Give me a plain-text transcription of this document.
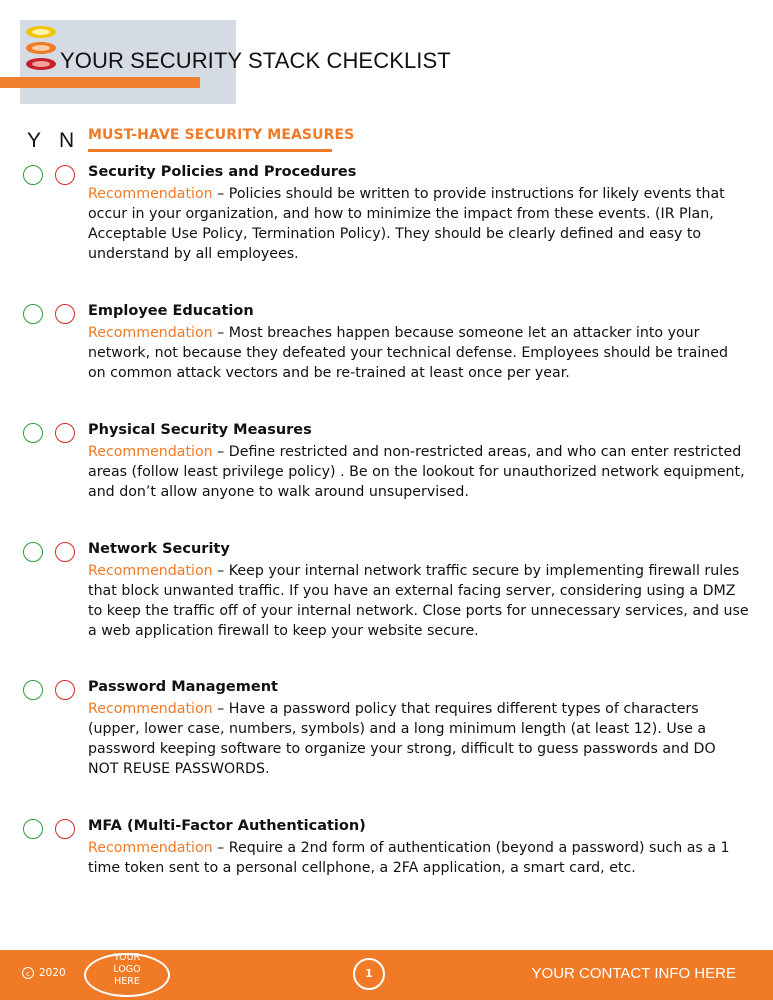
YOUR SECURITY STACK CHECKLIST
Y N MUST-HAVE SECURITY MEASURES
Security Policies and Procedures
Recommendation – Policies should be written to provide instructions for likely events that occur in your organization, and how to minimize the impact from these events. (IR Plan, Acceptable Use Policy, Termination Policy). They should be clearly defined and easy to understand by all employees.
Employee Education
Recommendation – Most breaches happen because someone let an attacker into your network, not because they defeated your technical defense. Employees should be trained on common attack vectors and be re-trained at least once per year.
Physical Security Measures
Recommendation – Define restricted and non-restricted areas, and who can enter restricted areas (follow least privilege policy) . Be on the lookout for unauthorized network equipment, and don’t allow anyone to walk around unsupervised.
Network Security
Recommendation – Keep your internal network traffic secure by implementing firewall rules that block unwanted traffic. If you have an external facing server, considering using a DMZ to keep the traffic off of your internal network. Close ports for unnecessary services, and use a web application firewall to keep your website secure.
Password Management
Recommendation – Have a password policy that requires different types of characters (upper, lower case, numbers, symbols) and a long minimum length (at least 12). Use a password keeping software to organize your strong, difficult to guess passwords and DO NOT REUSE PASSWORDS.
MFA (Multi-Factor Authentication)
Recommendation – Require a 2nd form of authentication (beyond a password) such as a 1 time token sent to a personal cellphone, a 2FA application, a smart card, etc.
c 2020
YOUR
LOGO
HERE
1	YOUR CONTACT INFO HERE
